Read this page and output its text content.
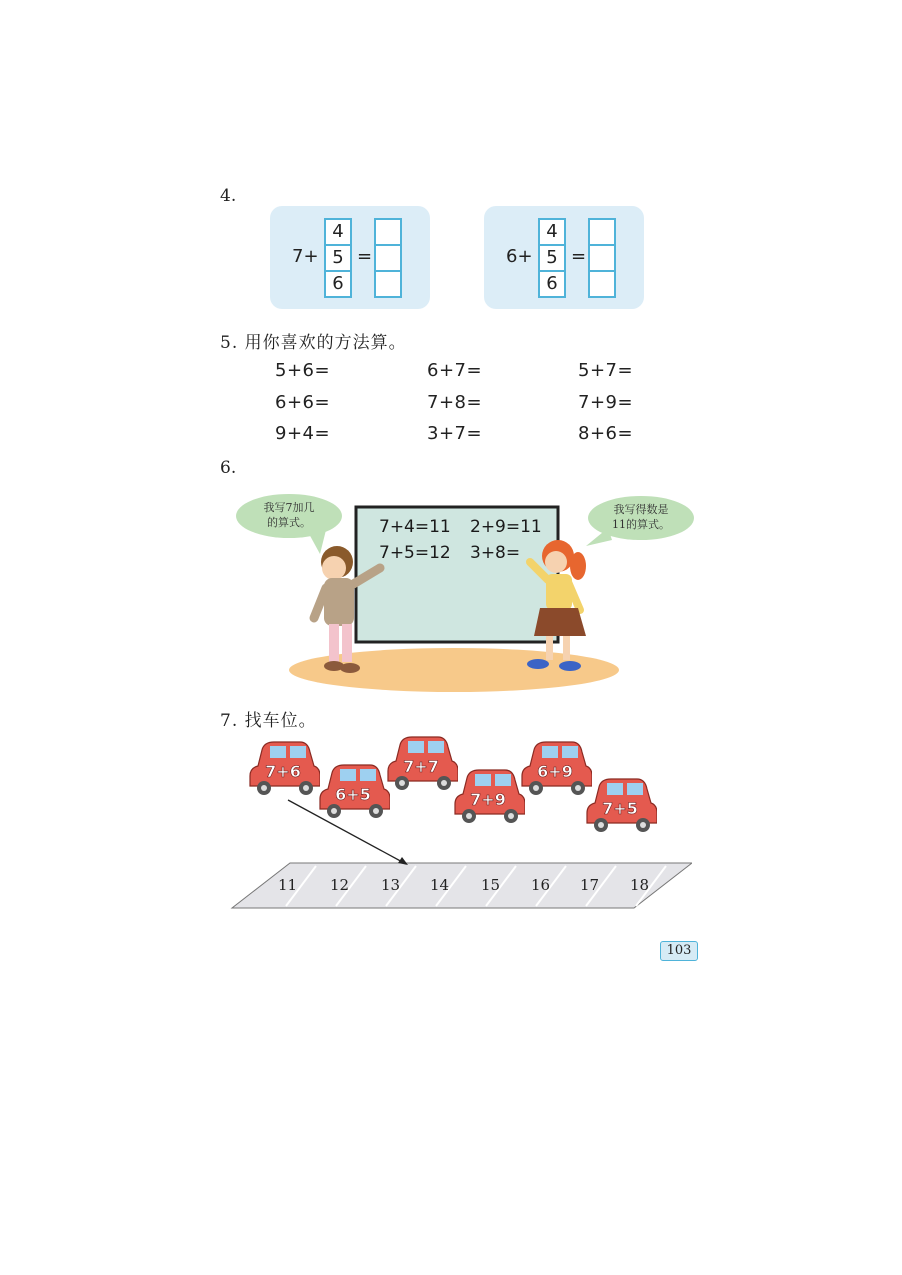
4.
7+
4
5
6
=	6+
4
5
6
=
5. 用你喜欢的方法算。
5+6=	6+7=	5+7=
6+6=	7+8=	7+9=
9+4=	3+7=	8+6=
6.
我写7加几
的算式。
我写得数是
11的算式。
7+4=11 2+9=11
7+5=12 3+8=
7. 找车位。
11 12 13 14 15 16 17 18
7+6
6+5
7+7
7+9
6+9
7+5
103
